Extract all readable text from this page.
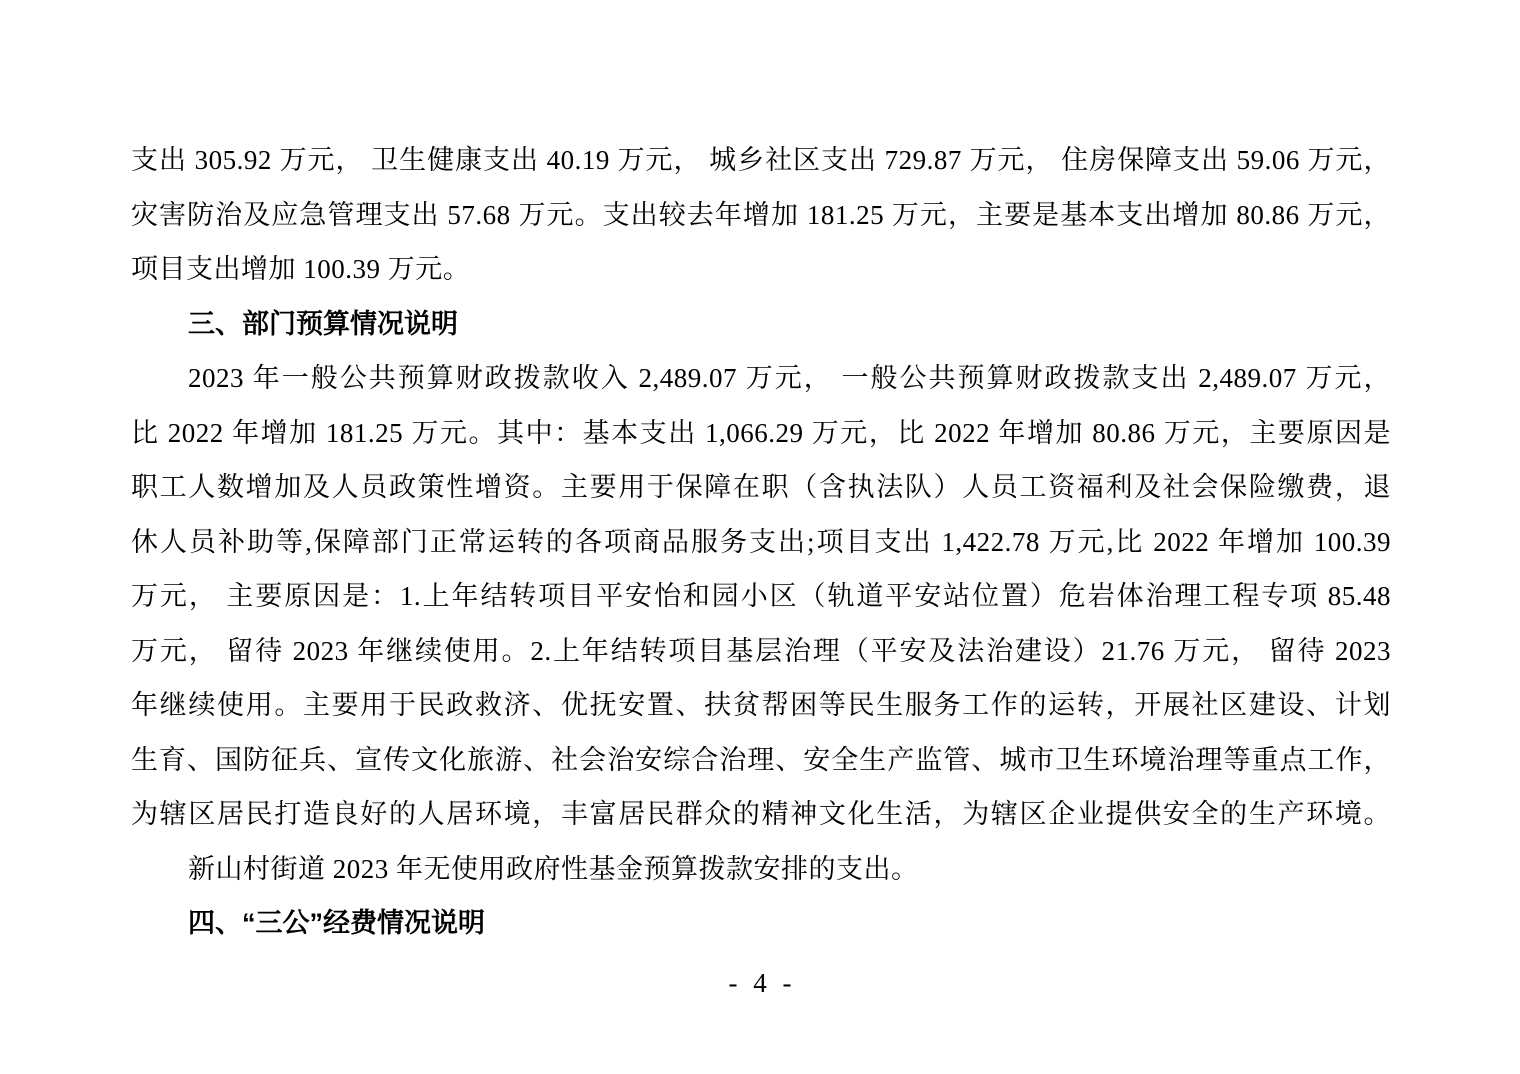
支出 305.92 万元， 卫生健康支出 40.19 万元， 城乡社区支出 729.87 万元， 住房保障支出 59.06 万元，
灾害防治及应急管理支出 57.68 万元。支出较去年增加 181.25 万元，主要是基本支出增加 80.86 万元，
项目支出增加 100.39 万元。
三、部门预算情况说明
2023 年一般公共预算财政拨款收入 2,489.07 万元， 一般公共预算财政拨款支出 2,489.07 万元，
比 2022 年增加 181.25 万元。其中：基本支出 1,066.29 万元，比 2022 年增加 80.86 万元，主要原因是
职工人数增加及人员政策性增资。主要用于保障在职（含执法队）人员工资福利及社会保险缴费，退
休人员补助等,保障部门正常运转的各项商品服务支出;项目支出 1,422.78 万元,比 2022 年增加 100.39
万元， 主要原因是：1.上年结转项目平安怡和园小区（轨道平安站位置）危岩体治理工程专项 85.48
万元， 留待 2023 年继续使用。2.上年结转项目基层治理（平安及法治建设）21.76 万元， 留待 2023
年继续使用。主要用于民政救济、优抚安置、扶贫帮困等民生服务工作的运转，开展社区建设、计划
生育、国防征兵、宣传文化旅游、社会治安综合治理、安全生产监管、城市卫生环境治理等重点工作，
为辖区居民打造良好的人居环境，丰富居民群众的精神文化生活，为辖区企业提供安全的生产环境。
新山村街道 2023 年无使用政府性基金预算拨款安排的支出。
四、“三公”经费情况说明
- 4 -
